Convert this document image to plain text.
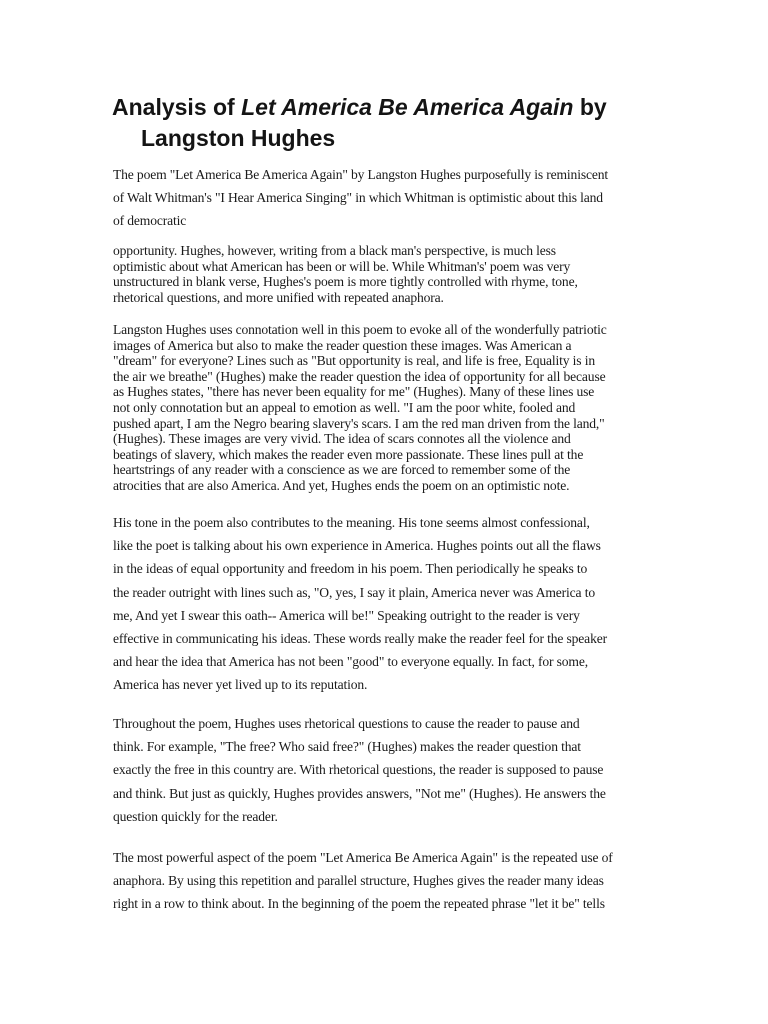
Analysis of Let America Be America Again by
Langston Hughes

The poem "Let America Be America Again" by Langston Hughes purposefully is reminiscent
of Walt Whitman's "I Hear America Singing" in which Whitman is optimistic about this land
of democratic

opportunity. Hughes, however, writing from a black man's perspective, is much less
optimistic about what American has been or will be. While Whitman's' poem was very
unstructured in blank verse, Hughes's poem is more tightly controlled with rhyme, tone,
rhetorical questions, and more unified with repeated anaphora.

Langston Hughes uses connotation well in this poem to evoke all of the wonderfully patriotic
images of America but also to make the reader question these images. Was American a
"dream" for everyone? Lines such as "But opportunity is real, and life is free, Equality is in
the air we breathe" (Hughes) make the reader question the idea of opportunity for all because
as Hughes states, "there has never been equality for me" (Hughes). Many of these lines use
not only connotation but an appeal to emotion as well. "I am the poor white, fooled and
pushed apart, I am the Negro bearing slavery's scars. I am the red man driven from the land,"
(Hughes). These images are very vivid. The idea of scars connotes all the violence and
beatings of slavery, which makes the reader even more passionate. These lines pull at the
heartstrings of any reader with a conscience as we are forced to remember some of the
atrocities that are also America. And yet, Hughes ends the poem on an optimistic note.

His tone in the poem also contributes to the meaning. His tone seems almost confessional,
like the poet is talking about his own experience in America. Hughes points out all the flaws
in the ideas of equal opportunity and freedom in his poem. Then periodically he speaks to
the reader outright with lines such as, "O, yes, I say it plain, America never was America to
me, And yet I swear this oath-- America will be!" Speaking outright to the reader is very
effective in communicating his ideas. These words really make the reader feel for the speaker
and hear the idea that America has not been "good" to everyone equally. In fact, for some,
America has never yet lived up to its reputation.

Throughout the poem, Hughes uses rhetorical questions to cause the reader to pause and
think. For example, "The free? Who said free?" (Hughes) makes the reader question that
exactly the free in this country are. With rhetorical questions, the reader is supposed to pause
and think. But just as quickly, Hughes provides answers, "Not me" (Hughes). He answers the
question quickly for the reader.

The most powerful aspect of the poem "Let America Be America Again" is the repeated use of
anaphora. By using this repetition and parallel structure, Hughes gives the reader many ideas
right in a row to think about. In the beginning of the poem the repeated phrase "let it be" tells
